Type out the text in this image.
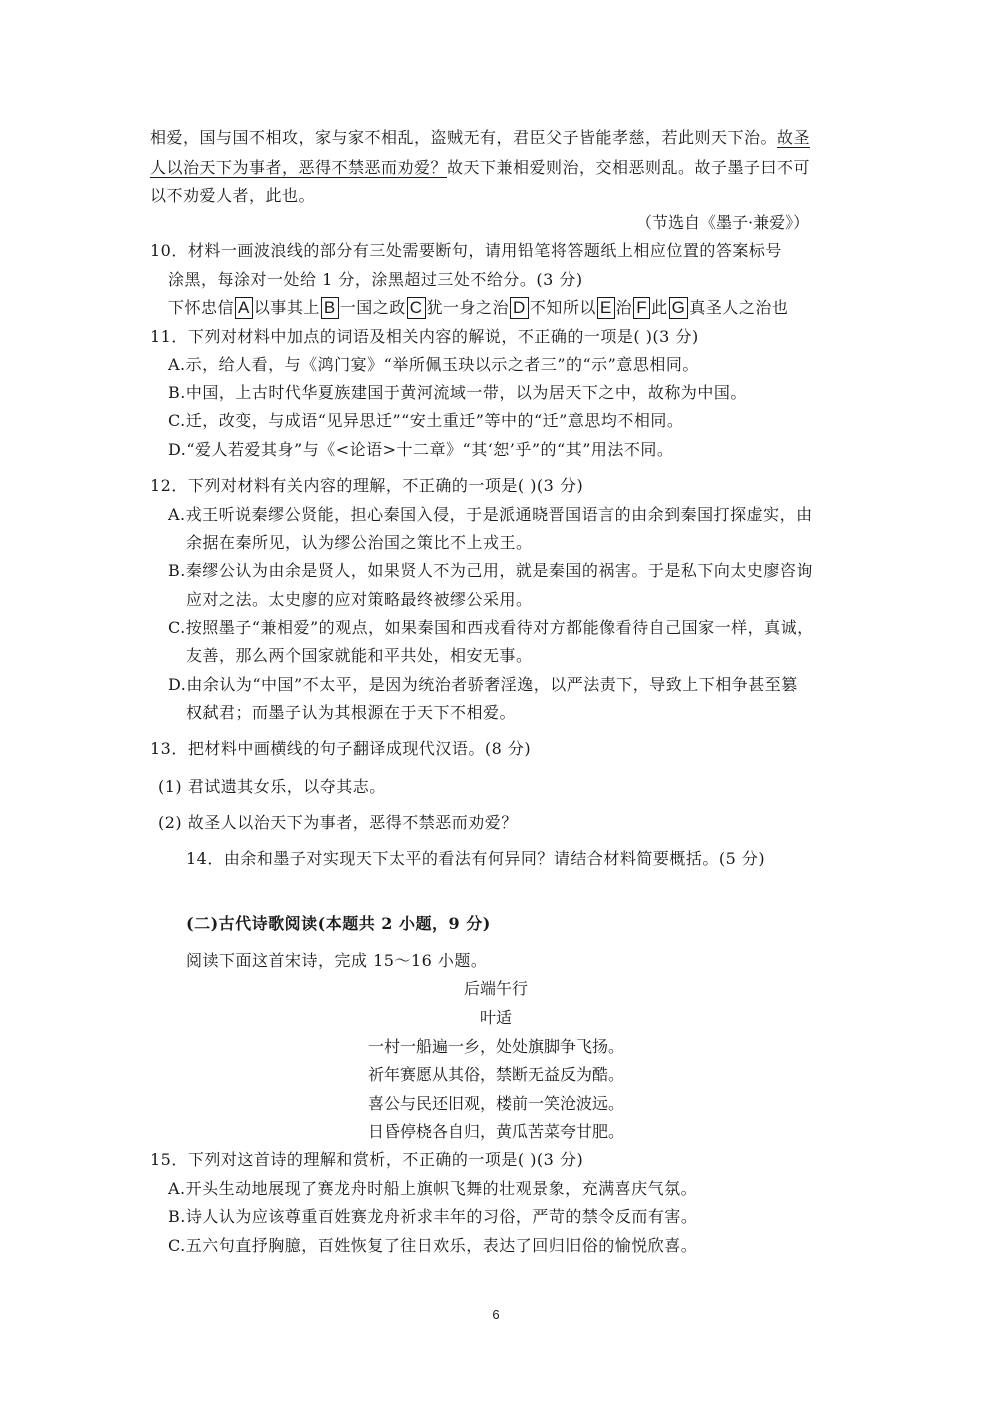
相爱，国与国不相攻，家与家不相乱，盗贼无有，君臣父子皆能孝慈，若此则天下治。故圣
人以治天下为事者，恶得不禁恶而劝爱？故天下兼相爱则治，交相恶则乱。故子墨子曰不可
以不劝爱人者，此也。
（节选自《墨子·兼爱》）
10．材料一画波浪线的部分有三处需要断句，请用铅笔将答题纸上相应位置的答案标号
涂黑，每涂对一处给 1 分，涂黑超过三处不给分。(3 分)
下怀忠信 A 以事其上 B 一国之政 C 犹一身之治 D 不知所以 E 治 F 此 G 真圣人之治也
11．下列对材料中加点的词语及相关内容的解说，不正确的一项是( )(3 分)
A.示，给人看，与《鸿门宴》“举所佩玉玦以示之者三”的“示”意思相同。
B.中国，上古时代华夏族建国于黄河流域一带，以为居天下之中，故称为中国。
C.迁，改变，与成语“见异思迁”“安土重迁”等中的“迁”意思均不相同。
D.“爱人若爱其身”与《<论语>十二章》“其‘恕’乎”的“其”用法不同。
12．下列对材料有关内容的理解，不正确的一项是( )(3 分)
A.戎王听说秦缪公贤能，担心秦国入侵，于是派通晓晋国语言的由余到秦国打探虚实，由
余据在秦所见，认为缪公治国之策比不上戎王。
B.秦缪公认为由余是贤人，如果贤人不为己用，就是秦国的祸害。于是私下向太史廖咨询
应对之法。太史廖的应对策略最终被缪公采用。
C.按照墨子“兼相爱”的观点，如果秦国和西戎看待对方都能像看待自己国家一样，真诚，
友善，那么两个国家就能和平共处，相安无事。
D.由余认为“中国”不太平，是因为统治者骄奢淫逸，以严法责下，导致上下相争甚至篡
权弑君；而墨子认为其根源在于天下不相爱。
13．把材料中画横线的句子翻译成现代汉语。(8 分)
(1) 君试遗其女乐，以夺其志。
(2) 故圣人以治天下为事者，恶得不禁恶而劝爱？
14．由余和墨子对实现天下太平的看法有何异同？请结合材料简要概括。(5 分)
(二)古代诗歌阅读(本题共 2 小题，9 分)
阅读下面这首宋诗，完成 15～16 小题。
后端午行
叶适
一村一船遍一乡，处处旗脚争飞扬。
祈年赛愿从其俗，禁断无益反为酷。
喜公与民还旧观，楼前一笑沧波远。
日昏停桡各自归，黄瓜苦菜夸甘肥。
15．下列对这首诗的理解和赏析，不正确的一项是( )(3 分)
A.开头生动地展现了赛龙舟时船上旗帜飞舞的壮观景象，充满喜庆气氛。
B.诗人认为应该尊重百姓赛龙舟祈求丰年的习俗，严苛的禁令反而有害。
C.五六句直抒胸臆，百姓恢复了往日欢乐，表达了回归旧俗的愉悦欣喜。
6
